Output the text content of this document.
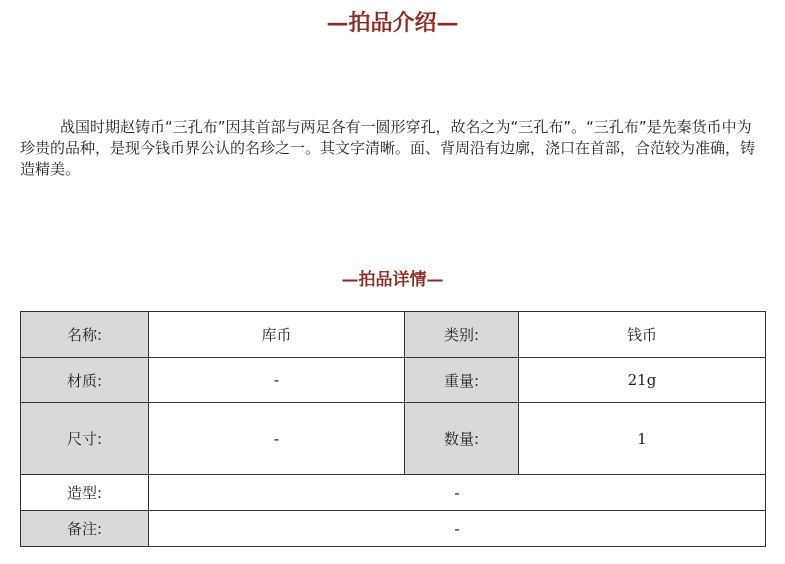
—拍品介绍—

战国时期赵铸币“三孔布”因其首部与两足各有一圆形穿孔，故名之为“三孔布”。“三孔布”是先秦货币中为珍贵的品种，是现今钱币界公认的名珍之一。其文字清晰。面、背周沿有边廓，浇口在首部，合范较为准确，铸造精美。

—拍品详情—
名称:	库币	类别:	钱币
材质:	-	重量:	21g
尺寸:	-	数量:	1
造型:	-		
备注:	-		
